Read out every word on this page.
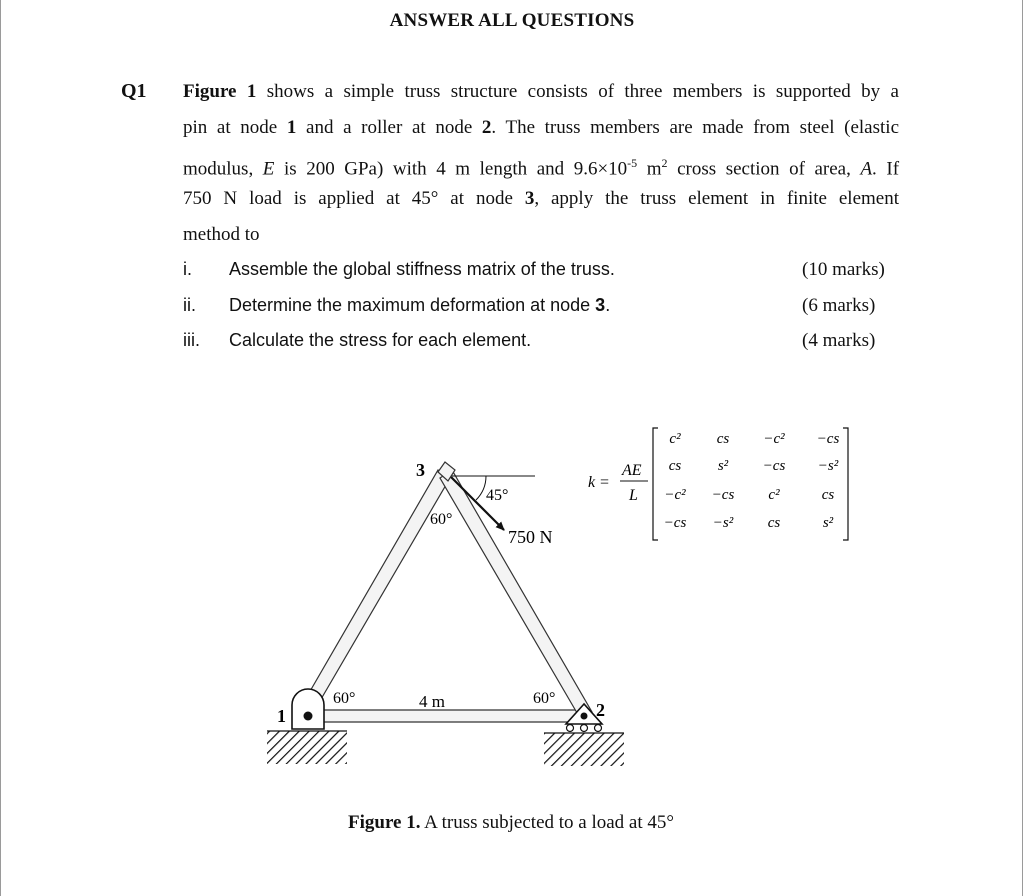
ANSWER ALL QUESTIONS
Q1 Figure 1 shows a simple truss structure consists of three members is supported by a
pin at node 1 and a roller at node 2. The truss members are made from steel (elastic
modulus, E is 200 GPa) with 4 m length and $9.6\times 10^{-5}$ $m^2$ cross section of area, A. If
750 N load is applied at 45° at node 3, apply the truss element in finite element
method to
i. Assemble the global stiffness matrix of the truss.	(10 marks)
ii. Determine the maximum deformation at node 3.	(6 marks)
iii. Calculate the stress for each element.	(4 marks)
3
1	2
60°
45°
750 N
60°	4 m	60°
k =
AE
L
c² cs −c² −cs
cs s² −cs −s²
−c² −cs c²	cs
−cs −s² cs	s²
Figure 1. A truss subjected to a load at 45°
